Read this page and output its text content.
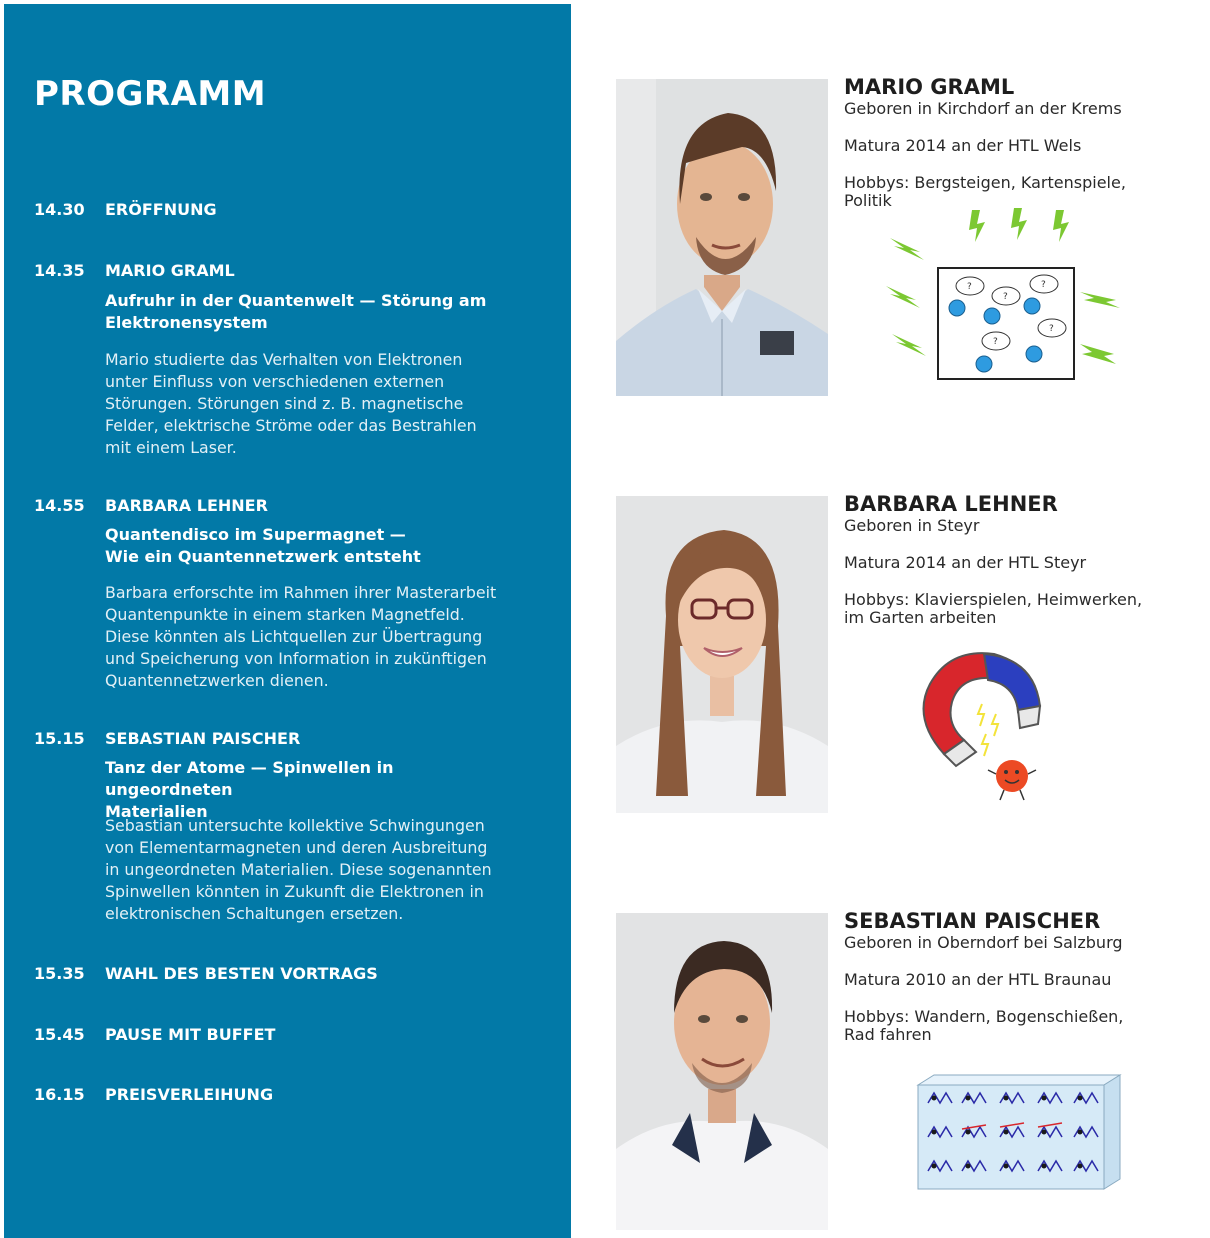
PROGRAMM
14.30 ERÖFFNUNG
14.35 MARIO GRAML
Aufruhr in der Quantenwelt — Störung am
Elektronensystem
Mario studierte das Verhalten von Elektronen
unter Einfluss von verschiedenen externen
Störungen. Störungen sind z. B. magnetische
Felder, elektrische Ströme oder das Bestrahlen
mit einem Laser.
14.55 BARBARA LEHNER
Quantendisco im Supermagnet —
Wie ein Quantennetzwerk entsteht
Barbara erforschte im Rahmen ihrer Masterarbeit
Quantenpunkte in einem starken Magnetfeld.
Diese könnten als Lichtquellen zur Übertragung
und Speicherung von Information in zukünftigen
Quantennetzwerken dienen.
15.15 SEBASTIAN PAISCHER
Tanz der Atome — Spinwellen in ungeordneten
Materialien
Sebastian untersuchte kollektive Schwingungen
von Elementarmagneten und deren Ausbreitung
in ungeordneten Materialien. Diese sogenannten
Spinwellen könnten in Zukunft die Elektronen in
elektronischen Schaltungen ersetzen.
15.35 WAHL DES BESTEN VORTRAGS
15.45 PAUSE MIT BUFFET
16.15 PREISVERLEIHUNG

MARIO GRAML

Geboren in Kirchdorf an der Krems

Matura 2014 an der HTL Wels

Hobbys: Bergsteigen, Kartenspiele,
Politik

?
?
?
?
?

BARBARA LEHNER

Geboren in Steyr

Matura 2014 an der HTL Steyr

Hobbys: Klavierspielen, Heimwerken,
im Garten arbeiten

SEBASTIAN PAISCHER

Geboren in Oberndorf bei Salzburg

Matura 2010 an der HTL Braunau

Hobbys: Wandern, Bogenschießen,
Rad fahren
